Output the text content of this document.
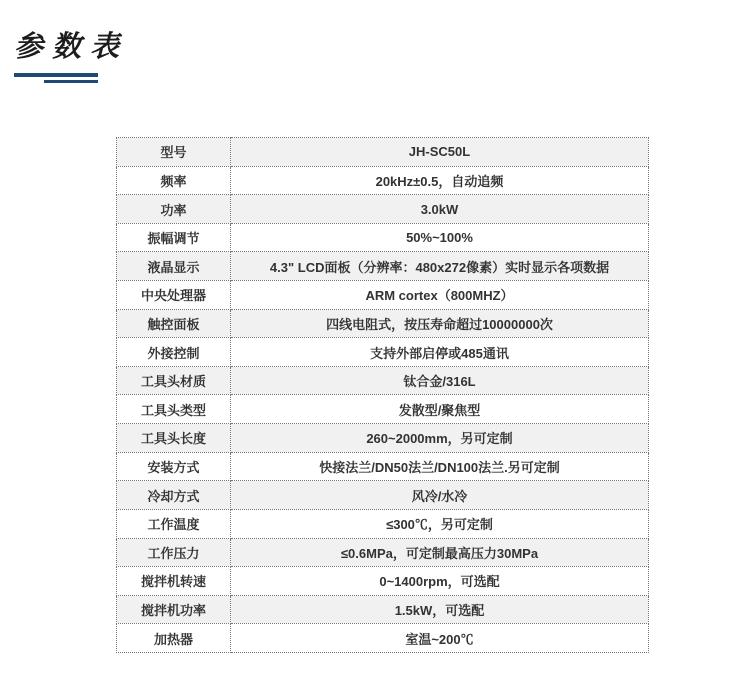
参数表
型号	JH-SC50L
频率	20kHz±0.5，自动追频
功率	3.0kW
振幅调节	50%~100%
液晶显示	4.3" LCD面板（分辨率：480x272像素）实时显示各项数据
中央处理器	ARM cortex（800MHZ）
触控面板	四线电阻式，按压寿命超过10000000次
外接控制	支持外部启停或485通讯
工具头材质	钛合金/316L
工具头类型	发散型/聚焦型
工具头长度	260~2000mm，另可定制
安装方式	快接法兰/DN50法兰/DN100法兰.另可定制
冷却方式	风冷/水冷
工作温度	≤300℃，另可定制
工作压力	≤0.6MPa，可定制最高压力30MPa
搅拌机转速	0~1400rpm，可选配
搅拌机功率	1.5kW，可选配
加热器	室温~200℃
